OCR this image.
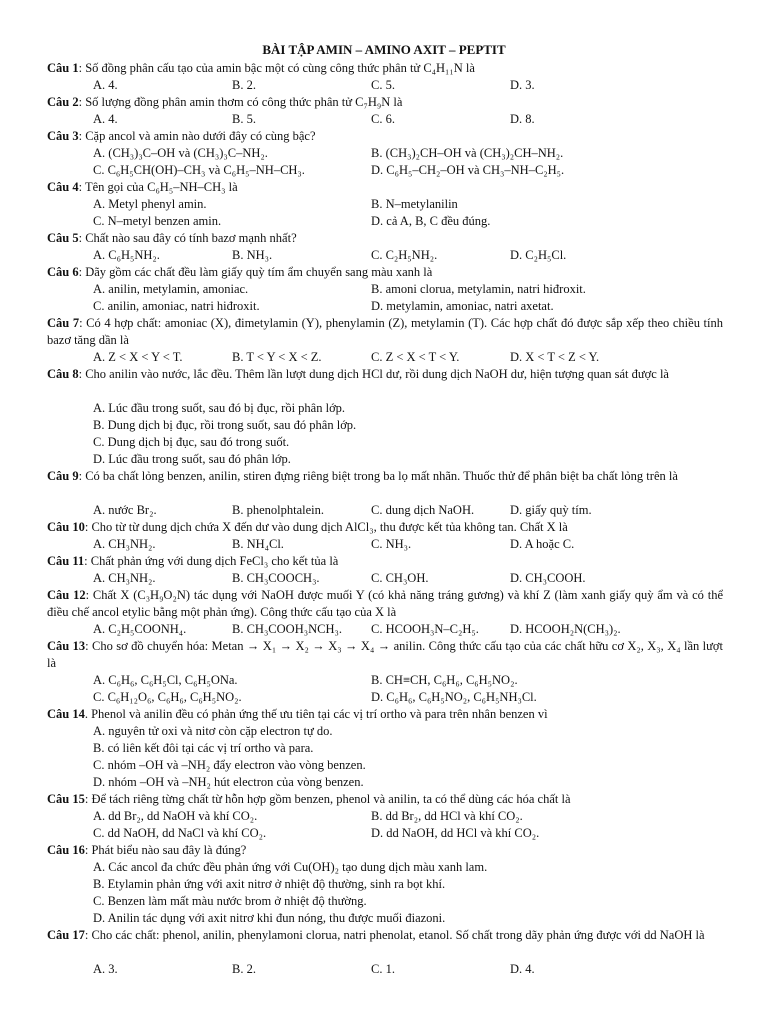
BÀI TẬP AMIN – AMINO AXIT – PEPTIT
Câu 1: Số đồng phân cấu tạo của amin bậc một có cùng công thức phân tử C₄H₁₁N là
A. 4.	B. 2.	C. 5.	D. 3.
Câu 2: Số lượng đồng phân amin thơm có công thức phân tử C₇H₉N là
A. 4.	B. 5.	C. 6.	D. 8.
Câu 3: Cặp ancol và amin nào dưới đây có cùng bậc?
A. (CH₃)₃C–OH và (CH₃)₃C–NH₂.	B. (CH₃)₂CH–OH và (CH₃)₂CH–NH₂.
C. C₆H₅CH(OH)–CH₃ và C₆H₅–NH–CH₃.	D. C₆H₅–CH₂–OH và CH₃–NH–C₂H₅.
Câu 4: Tên gọi của C₆H₅–NH–CH₃ là
A. Metyl phenyl amin.	B. N–metylanilin
C. N–metyl benzen amin.	D. cả A, B, C đều đúng.
Câu 5: Chất nào sau đây có tính bazơ mạnh nhất?
A. C₆H₅NH₂.	B. NH₃.	C. C₂H₅NH₂.	D. C₂H₅Cl.
Câu 6: Dãy gồm các chất đều làm giấy quỳ tím ẩm chuyển sang màu xanh là
A. anilin, metylamin, amoniac.	B. amoni clorua, metylamin, natri hiđroxit.
C. anilin, amoniac, natri hiđroxit.	D. metylamin, amoniac, natri axetat.
Câu 7: Có 4 hợp chất: amoniac (X), đimetylamin (Y), phenylamin (Z), metylamin (T). Các hợp chất đó được sắp xếp theo chiều tính bazơ tăng dần là
A. Z < X < Y < T.	B. T < Y < X < Z.	C. Z < X < T < Y.	D. X < T < Z < Y.
Câu 8: Cho anilin vào nước, lắc đều. Thêm lần lượt dung dịch HCl dư, rồi dung dịch NaOH dư, hiện tượng quan sát được là
A. Lúc đầu trong suốt, sau đó bị đục, rồi phân lớp.
B. Dung dịch bị đục, rồi trong suốt, sau đó phân lớp.
C. Dung dịch bị đục, sau đó trong suốt.
D. Lúc đầu trong suốt, sau đó phân lớp.
Câu 9: Có ba chất lỏng benzen, anilin, stiren đựng riêng biệt trong ba lọ mất nhãn. Thuốc thử để phân biệt ba chất lỏng trên là
A. nước Br₂.	B. phenolphtalein.	C. dung dịch NaOH.	D. giấy quỳ tím.
Câu 10: Cho từ từ dung dịch chứa X đến dư vào dung dịch AlCl₃, thu được kết tủa không tan. Chất X là
A. CH₃NH₂.	B. NH₄Cl.	C. NH₃.	D. A hoặc C.
Câu 11: Chất phản ứng với dung dịch FeCl₃ cho kết tủa là
A. CH₃NH₂.	B. CH₃COOCH₃.	C. CH₃OH.	D. CH₃COOH.
Câu 12: Chất X (C₃H₉O₂N) tác dụng với NaOH được muối Y (có khả năng tráng gương) và khí Z (làm xanh giấy quỳ ẩm và có thể điều chế ancol etylic bằng một phản ứng). Công thức cấu tạo của X là
A. C₂H₅COONH₄.	B. CH₃COOH₃NCH₃. C. HCOOH₃N–C₂H₅. D. HCOOH₂N(CH₃)₂.
Câu 13: Cho sơ đồ chuyển hóa: Metan → X₁ → X₂ → X₃ → X₄ → anilin. Công thức cấu tạo của các chất hữu cơ X₂, X₃, X₄ lần lượt là
A. C₆H₆, C₆H₅Cl, C₆H₅ONa.	B. CH≡CH, C₆H₆, C₆H₅NO₂.
C. C₆H₁₂O₆, C₆H₆, C₆H₅NO₂.	D. C₆H₆, C₆H₅NO₂, C₆H₅NH₃Cl.
Câu 14. Phenol và anilin đều có phản ứng thế ưu tiên tại các vị trí ortho và para trên nhân benzen vì
A. nguyên tử oxi và nitơ còn cặp electron tự do.
B. có liên kết đôi tại các vị trí ortho và para.
C. nhóm –OH và –NH₂ đẩy electron vào vòng benzen.
D. nhóm –OH và –NH₂ hút electron của vòng benzen.
Câu 15: Để tách riêng từng chất từ hỗn hợp gồm benzen, phenol và anilin, ta có thể dùng các hóa chất là
A. dd Br₂, dd NaOH và khí CO₂.	B. dd Br₂, dd HCl và khí CO₂.
C. dd NaOH, dd NaCl và khí CO₂.	D. dd NaOH, dd HCl và khí CO₂.
Câu 16: Phát biểu nào sau đây là đúng?
A. Các ancol đa chức đều phản ứng với Cu(OH)₂ tạo dung dịch màu xanh lam.
B. Etylamin phản ứng với axit nitrơ ở nhiệt độ thường, sinh ra bọt khí.
C. Benzen làm mất màu nước brom ở nhiệt độ thường.
D. Anilin tác dụng với axit nitrơ khi đun nóng, thu được muối điazoni.
Câu 17: Cho các chất: phenol, anilin, phenylamoni clorua, natri phenolat, etanol. Số chất trong dãy phản ứng được với dd NaOH là
A. 3.	B. 2.	C. 1.	D. 4.
